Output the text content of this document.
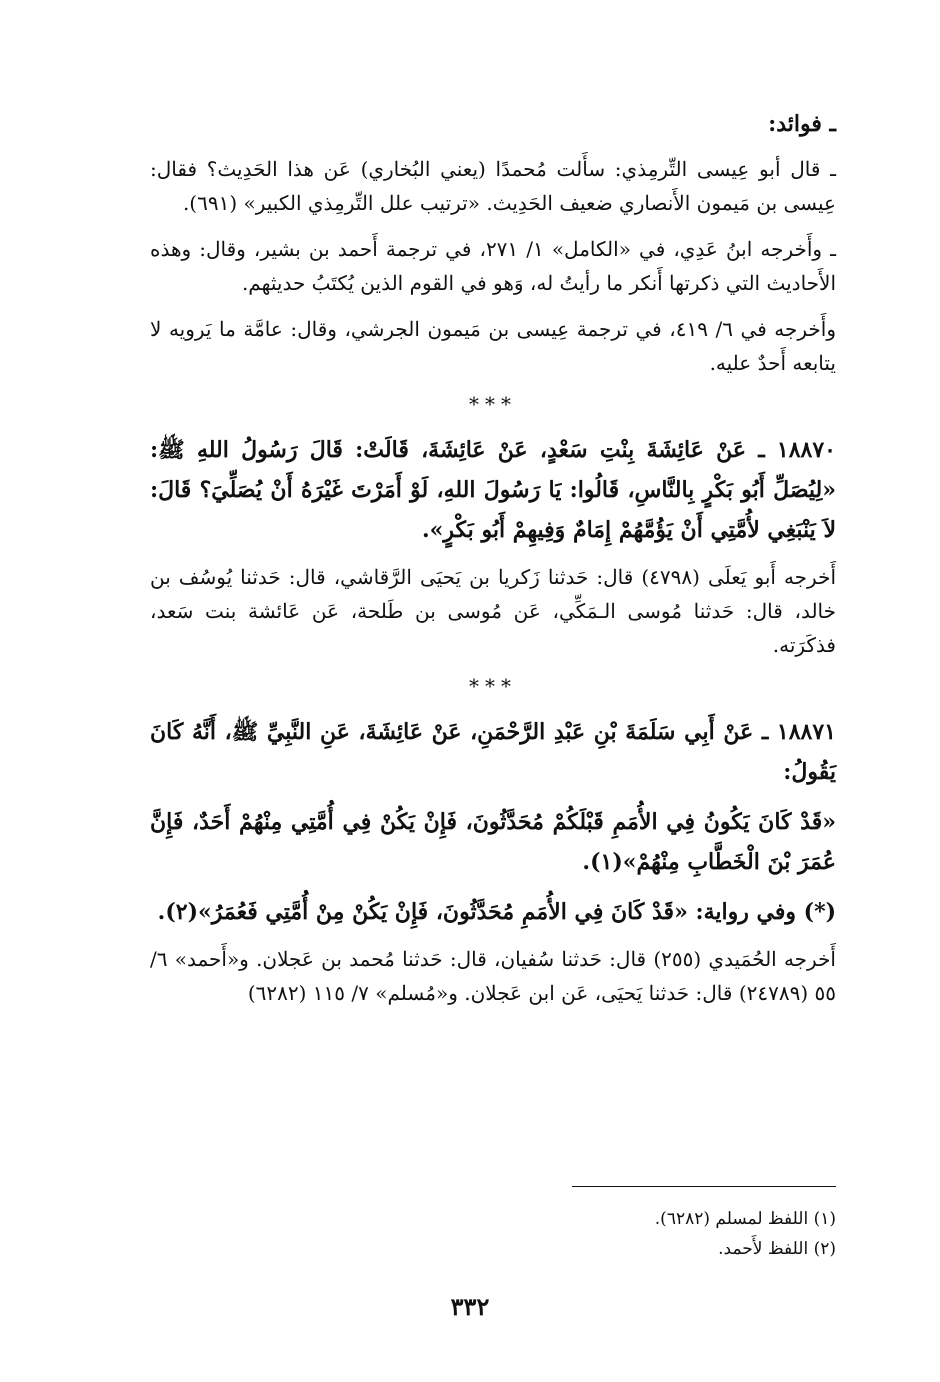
ـ فوائد:

ـ قال أبو عِيسى التِّرمِذي: سأَلت مُحمدًا (يعني البُخاري) عَن هذا الحَدِيث؟ فقال: عِيسى بن مَيمون الأَنصاري ضعيف الحَدِيث. «ترتيب علل التِّرمِذي الكبير» (٦٩١).

ـ وأَخرجه ابنُ عَدِي، في «الكامل» ١/ ٢٧١، في ترجمة أَحمد بن بشير، وقال: وهذه الأَحاديث التي ذكرتها أَنكر ما رأيتُ له، وَهو في القوم الذين يُكتَبُ حديثهم.

وأَخرجه في ٦/ ٤١٩، في ترجمة عِيسى بن مَيمون الجرشي، وقال: عامَّة ما يَرويه لا يتابعه أَحدٌ عليه.

***

١٨٨٧٠ ـ عَنْ عَائِشَةَ بِنْتِ سَعْدٍ، عَنْ عَائِشَةَ، قَالَتْ: قَالَ رَسُولُ اللهِ ﷺ: «لِيُصَلِّ أَبُو بَكْرٍ بِالنَّاسِ، قَالُوا: يَا رَسُولَ اللهِ، لَوْ أَمَرْتَ غَيْرَهُ أَنْ يُصَلِّيَ؟ قَالَ: لاَ يَنْبَغِي لأُمَّتِي أَنْ يَؤُمَّهُمْ إِمَامٌ وَفِيهِمْ أَبُو بَكْرٍ».

أَخرجه أَبو يَعلَى (٤٧٩٨) قال: حَدثنا زَكريا بن يَحيَى الرَّقاشي، قال: حَدثنا يُوسُف بن خالد، قال: حَدثنا مُوسى الـمَكِّي، عَن مُوسى بن طَلحة، عَن عَائشة بنت سَعد، فذكَرَته.

***

١٨٨٧١ ـ عَنْ أَبِي سَلَمَةَ بْنِ عَبْدِ الرَّحْمَنِ، عَنْ عَائِشَةَ، عَنِ النَّبِيِّ ﷺ، أَنَّهُ كَانَ يَقُولُ:

«قَدْ كَانَ يَكُونُ فِي الأُمَمِ قَبْلَكُمْ مُحَدَّثُونَ، فَإِنْ يَكُنْ فِي أُمَّتِي مِنْهُمْ أَحَدٌ، فَإِنَّ عُمَرَ بْنَ الْخَطَّابِ مِنْهُمْ»(١).

(*) وفي رواية: «قَدْ كَانَ فِي الأُمَمِ مُحَدَّثُونَ، فَإِنْ يَكُنْ مِنْ أُمَّتِي فَعُمَرُ»(٢).

أَخرجه الحُمَيدي (٢٥٥) قال: حَدثنا سُفيان، قال: حَدثنا مُحمد بن عَجلان. و«أَحمد» ٦/ ٥٥ (٢٤٧٨٩) قال: حَدثنا يَحيَى، عَن ابن عَجلان. و«مُسلم» ٧/ ١١٥ (٦٢٨٢)

(١) اللفظ لمسلم (٦٢٨٢).

(٢) اللفظ لأَحمد.

٣٣٢
